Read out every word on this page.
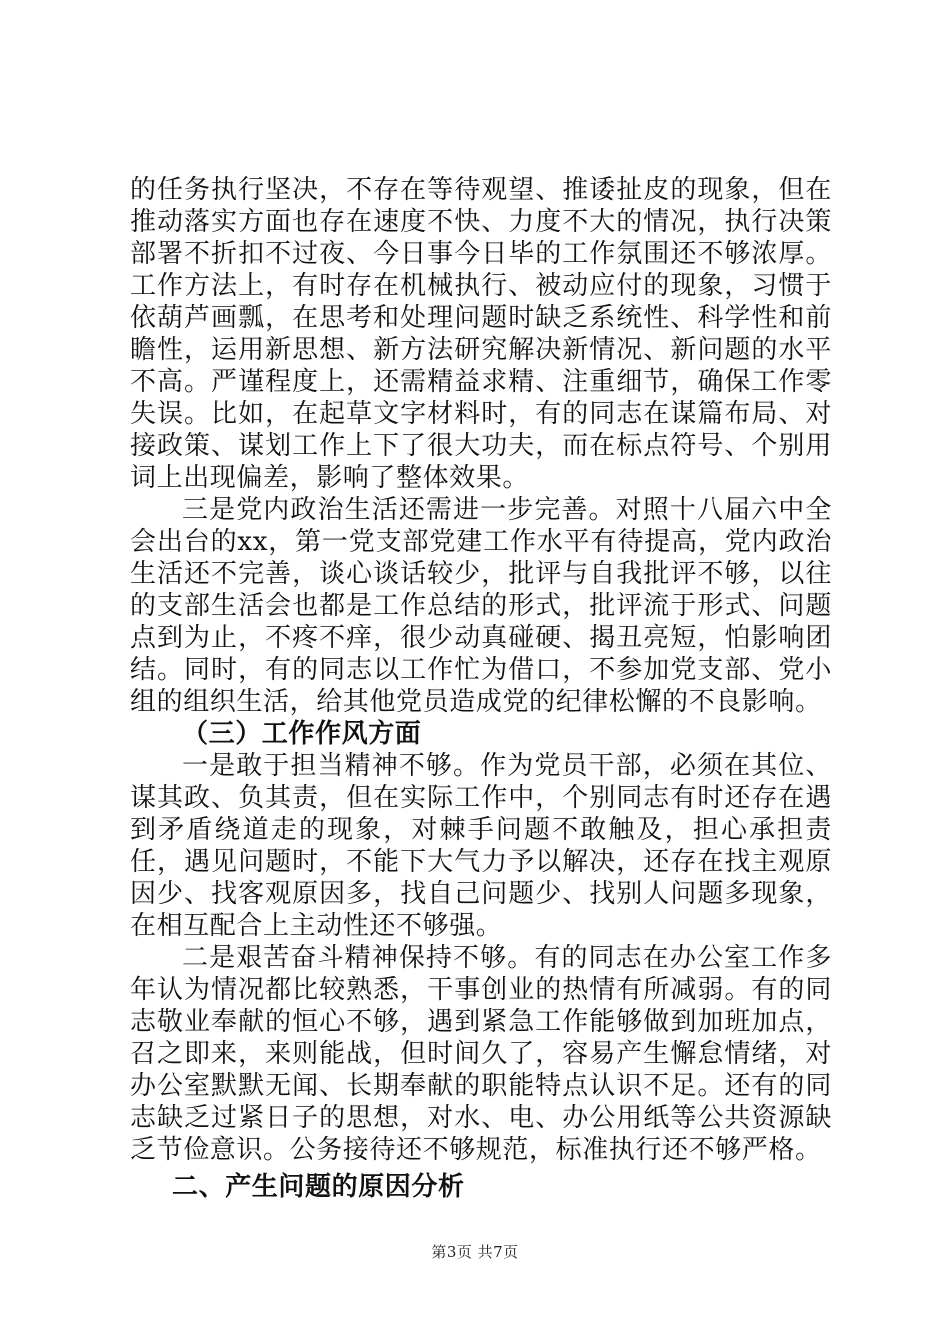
的任务执行坚决，不存在等待观望、推诿扯皮的现象，但在推动落实方面也存在速度不快、力度不大的情况，执行决策部署不折扣不过夜、今日事今日毕的工作氛围还不够浓厚。工作方法上，有时存在机械执行、被动应付的现象，习惯于依葫芦画瓢，在思考和处理问题时缺乏系统性、科学性和前瞻性，运用新思想、新方法研究解决新情况、新问题的水平不高。严谨程度上，还需精益求精、注重细节，确保工作零失误。比如，在起草文字材料时，有的同志在谋篇布局、对接政策、谋划工作上下了很大功夫，而在标点符号、个别用词上出现偏差，影响了整体效果。

三是党内政治生活还需进一步完善。对照十八届六中全会出台的xx，第一党支部党建工作水平有待提高，党内政治生活还不完善，谈心谈话较少，批评与自我批评不够，以往的支部生活会也都是工作总结的形式，批评流于形式、问题点到为止，不疼不痒，很少动真碰硬、揭丑亮短，怕影响团结。同时，有的同志以工作忙为借口，不参加党支部、党小组的组织生活，给其他党员造成党的纪律松懈的不良影响。

（三）工作作风方面

一是敢于担当精神不够。作为党员干部，必须在其位、谋其政、负其责，但在实际工作中，个别同志有时还存在遇到矛盾绕道走的现象，对棘手问题不敢触及，担心承担责任，遇见问题时，不能下大气力予以解决，还存在找主观原因少、找客观原因多，找自己问题少、找别人问题多现象，在相互配合上主动性还不够强。

二是艰苦奋斗精神保持不够。有的同志在办公室工作多年认为情况都比较熟悉，干事创业的热情有所减弱。有的同志敬业奉献的恒心不够，遇到紧急工作能够做到加班加点，召之即来，来则能战，但时间久了，容易产生懈怠情绪，对办公室默默无闻、长期奉献的职能特点认识不足。还有的同志缺乏过紧日子的思想，对水、电、办公用纸等公共资源缺乏节俭意识。公务接待还不够规范，标准执行还不够严格。

二、产生问题的原因分析

第3页 共7页
